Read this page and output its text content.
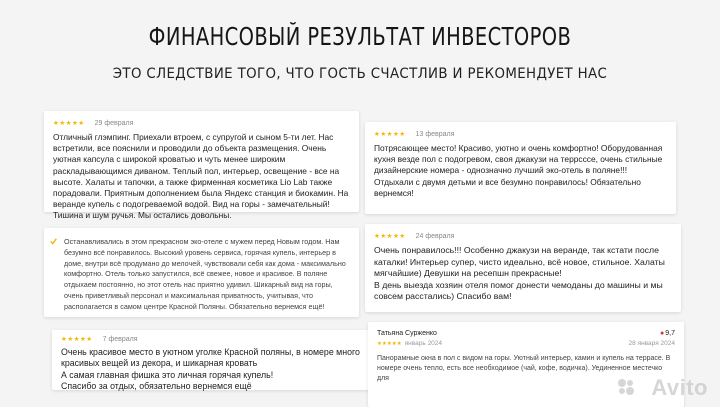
ФИНАНСОВЫЙ РЕЗУЛЬТАТ ИНВЕСТОРОВ
ЭТО СЛЕДСТВИЕ ТОГО, ЧТО ГОСТЬ СЧАСТЛИВ И РЕКОМЕНДУЕТ НАС
★★★★★ 29 февраля
Отличный глэмпинг. Приехали втроем, с супругой и сыном 5-ти лет. Нас встретили, все пояснили и проводили до объекта размещения. Очень уютная капсула с широкой кроватью и чуть менее широким раскладывающимся диваном. Теплый пол, интерьер, освещение - все на высоте. Халаты и тапочки, а также фирменная косметика Lio Lab также порадовали. Приятным дополнением была Яндекс станция и биокамин. На веранде купель с подогреваемой водой. Вид на горы - замечательный! Тишина и шум ручья. Мы остались довольны.
Останавливались в этом прекрасном эко-отеле с мужем перед Новым годом. Нам безумно всё понравилось. Высокий уровень сервиса, горячая купель, интерьер в доме, внутри всё продумано до мелочей, чувствовали себя как дома - максимально комфортно. Отель только запустился, всё свежее, новое и красивое. В поляне отдыхаем постоянно, но этот отель нас приятно удивил. Шикарный вид на горы, очень приветливый персонал и максимальная приватность, учитывая, что располагается в самом центре Красной Поляны. Обязательно вернемся ещё!
★★★★★ 7 февраля
Очень красивое место в уютном уголке Красной поляны, в номере много красивых вещей из декора, и шикарная кровать
А самая главная фишка это личная горячая купель!
Спасибо за отдых, обязательно вернемся ещё
★★★★★ 13 февраля
Потрясающее место! Красиво, уютно и очень комфортно! Оборудованная кухня везде пол с подогревом, своя джакузи на террсссе, очень стильные дизайнерские номера - однозначно лучший эко-отель в поляне!!! Отдыхали с двумя детьми и все безумно понравилось! Обязательно вернемся!
★★★★★ 24 февраля
Очень понравилось!!! Особенно джакузи на веранде, так кстати после каталки! Интерьер супер, чисто идеально, всё новое, стильное. Халаты мягчайшие) Девушки на ресепшн прекрасные!
В день выезда хозяин отеля помог донести чемоданы до машины и мы совсем расстались) Спасибо вам!
Татьяна Сурженко	●9,7
★★★★★ январь 2024	28 января 2024
Панорамные окна в пол с видом на горы. Уютный интерьер, камин и купель на террасе. В номере очень тепло, есть все необходимое (чай, кофе, водичка). Уединенное местечко для	Avito
